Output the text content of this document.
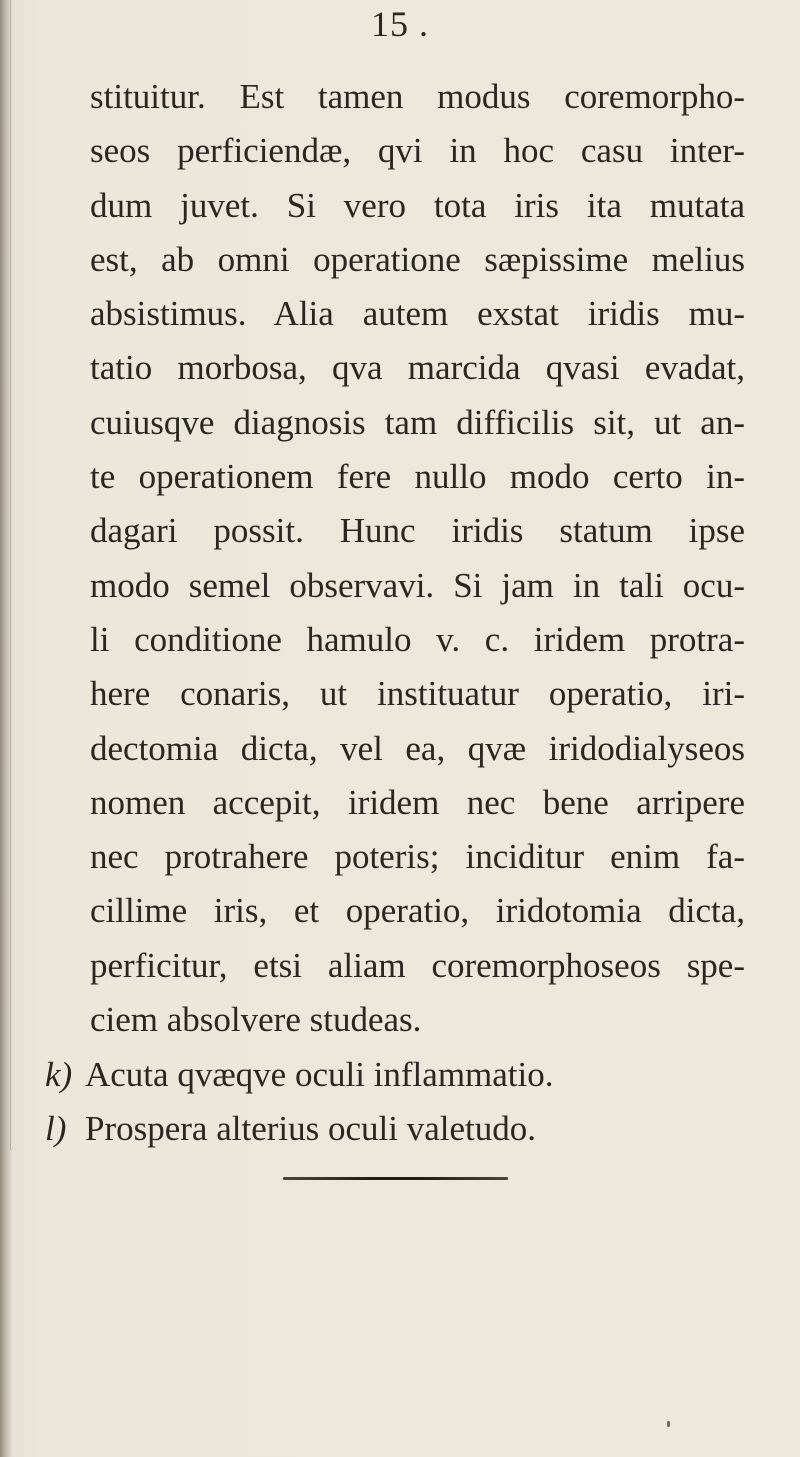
15 .
stituitur. Est tamen modus coremorpho-
seos perficiendæ, qvi in hoc casu inter-
dum juvet. Si vero tota iris ita mutata
est, ab omni operatione sæpissime melius
absistimus. Alia autem exstat iridis mu-
tatio morbosa, qva marcida qvasi evadat,
cuiusqve diagnosis tam difficilis sit, ut an-
te operationem fere nullo modo certo in-
dagari possit. Hunc iridis statum ipse
modo semel observavi. Si jam in tali ocu-
li conditione hamulo v. c. iridem protra-
here conaris, ut instituatur operatio, iri-
dectomia dicta, vel ea, qvæ iridodialyseos
nomen accepit, iridem nec bene arripere
nec protrahere poteris; inciditur enim fa-
cillime iris, et operatio, iridotomia dicta,
perficitur, etsi aliam coremorphoseos spe-
ciem absolvere studeas.
k) Acuta qvæqve oculi inflammatio.
l) Prospera alterius oculi valetudo.
